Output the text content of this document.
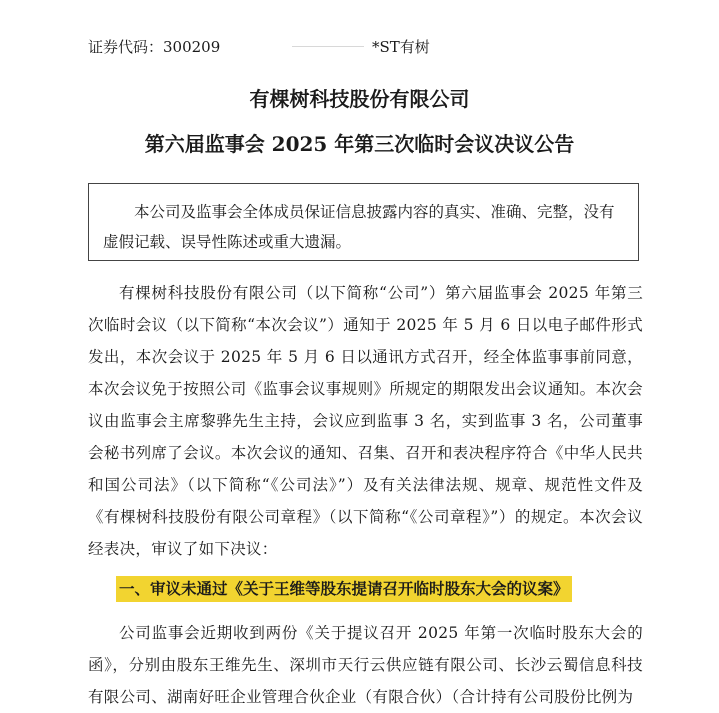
证券代码：300209	*ST有树
有棵树科技股份有限公司
第六届监事会 2025 年第三次临时会议决议公告
本公司及监事会全体成员保证信息披露内容的真实、准确、完整，没有虚假记载、误导性陈述或重大遗漏。
有棵树科技股份有限公司（以下简称“公司”）第六届监事会 2025 年第三次临时会议（以下简称“本次会议”）通知于 2025 年 5 月 6 日以电子邮件形式发出，本次会议于 2025 年 5 月 6 日以通讯方式召开，经全体监事事前同意，本次会议免于按照公司《监事会议事规则》所规定的期限发出会议通知。本次会议由监事会主席黎骅先生主持，会议应到监事 3 名，实到监事 3 名，公司董事会秘书列席了会议。本次会议的通知、召集、召开和表决程序符合《中华人民共和国公司法》（以下简称“《公司法》”）及有关法律法规、规章、规范性文件及《有棵树科技股份有限公司章程》（以下简称“《公司章程》”）的规定。本次会议经表决，审议了如下决议：
一、审议未通过《关于王维等股东提请召开临时股东大会的议案》
公司监事会近期收到两份《关于提议召开 2025 年第一次临时股东大会的函》，分别由股东王维先生、深圳市天行云供应链有限公司、长沙云蜀信息科技有限公司、湖南好旺企业管理合伙企业（有限合伙）（合计持有公司股份比例为
